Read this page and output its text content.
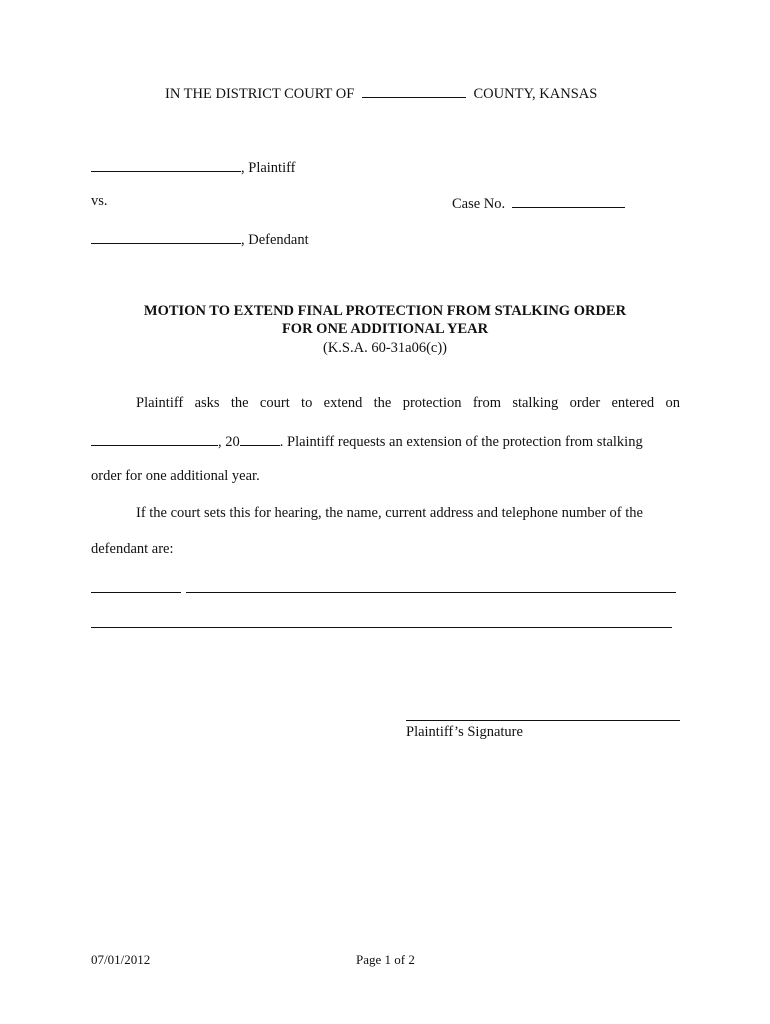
IN THE DISTRICT COURT OF	COUNTY, KANSAS
, Plaintiff
vs.	Case No.
, Defendant
MOTION TO EXTEND FINAL PROTECTION FROM STALKING ORDER
FOR ONE ADDITIONAL YEAR
(K.S.A. 60-31a06(c))
Plaintiff asks the court to extend the protection from stalking order entered on
, 20	. Plaintiff requests an extension of the protection from stalking
order for one additional year.
If the court sets this for hearing, the name, current address and telephone number of the
defendant are:
Plaintiff’s Signature
07/01/2012	Page 1 of 2
